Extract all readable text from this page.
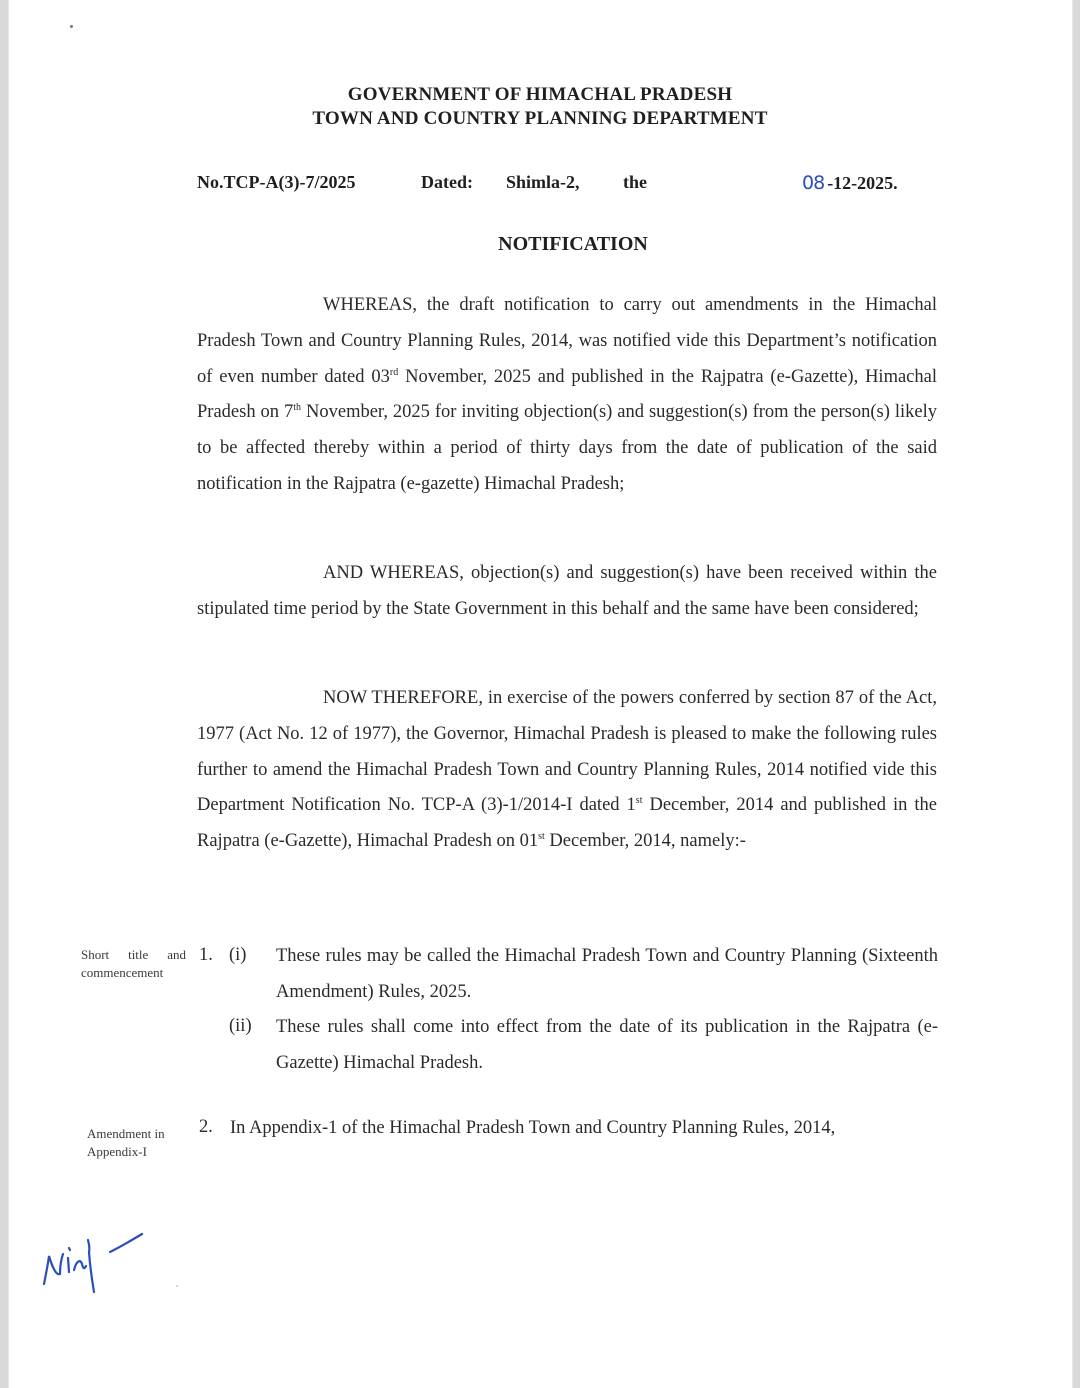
GOVERNMENT OF HIMACHAL PRADESH
TOWN AND COUNTRY PLANNING DEPARTMENT
No.TCP-A(3)-7/2025	Dated: Shimla-2, the	08 -12-2025.
NOTIFICATION
WHEREAS, the draft notification to carry out amendments in the Himachal Pradesh Town and Country Planning Rules, 2014, was notified vide this Department’s notification of even number dated 03rd November, 2025 and published in the Rajpatra (e-Gazette), Himachal Pradesh on 7th November, 2025 for inviting objection(s) and suggestion(s) from the person(s) likely to be affected thereby within a period of thirty days from the date of publication of the said notification in the Rajpatra (e-gazette) Himachal Pradesh;
AND WHEREAS, objection(s) and suggestion(s) have been received within the stipulated time period by the State Government in this behalf and the same have been considered;
NOW THEREFORE, in exercise of the powers conferred by section 87 of the Act, 1977 (Act No. 12 of 1977), the Governor, Himachal Pradesh is pleased to make the following rules further to amend the Himachal Pradesh Town and Country Planning Rules, 2014 notified vide this Department Notification No. TCP-A (3)-1/2014-I dated 1st December, 2014 and published in the Rajpatra (e-Gazette), Himachal Pradesh on 01st December, 2014, namely:-
Short title and commencement
1. (i) These rules may be called the Himachal Pradesh Town and Country Planning (Sixteenth Amendment) Rules, 2025.
(ii) These rules shall come into effect from the date of its publication in the Rajpatra (e-Gazette) Himachal Pradesh.
Amendment in
Appendix-I
2. In Appendix-1 of the Himachal Pradesh Town and Country Planning Rules, 2014,
